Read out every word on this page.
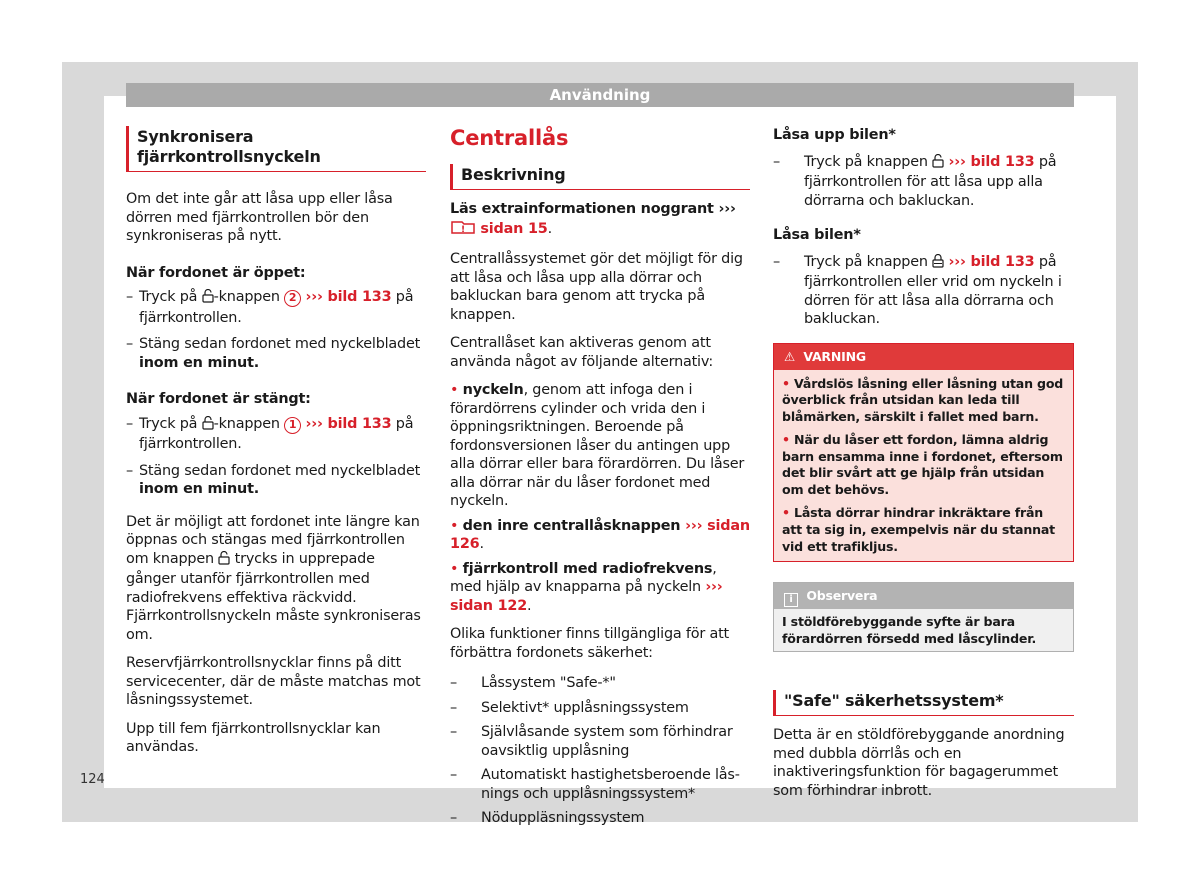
Användning
Synkronisera fjärrkontrollsnyckeln

Om det inte går att låsa upp eller låsa dörren med fjärrkontrollen bör den synkroniseras på nytt.

När fordonet är öppet:
– Tryck på -knappen 2 ››› bild 133 på fjärrkontrollen.
– Stäng sedan fordonet med nyckelbladet inom en minut.
När fordonet är stängt:
– Tryck på -knappen 1 ››› bild 133 på fjärrkontrollen.
– Stäng sedan fordonet med nyckelbladet inom en minut.

Det är möjligt att fordonet inte längre kan öppnas och stängas med fjärrkontrollen om knappen  trycks in upprepade gånger utanför fjärrkontrollen med radiofrekvens effektiva räckvidd. Fjärrkontrollsnyckeln måste synkroniseras om.

Reservfjärrkontrollsnycklar finns på ditt servicecenter, där de måste matchas mot låsningssystemet.

Upp till fem fjärrkontrollsnycklar kan användas.

Centrallås
Beskrivning

Läs extrainformationen noggrant ›››
! sidan 15.

Centrallåssystemet gör det möjligt för dig att låsa och låsa upp alla dörrar och bakluckan bara genom att trycka på knappen.

Centrallåset kan aktiveras genom att använda något av följande alternativ:

• nyckeln, genom att infoga den i förardörrens cylinder och vrida den i öppningsriktningen. Beroende på fordonsversionen låser du antingen upp alla dörrar eller bara förardörren. Du låser alla dörrar när du låser fordonet med nyckeln.

• den inre centrallåsknappen ››› sidan 126.

• fjärrkontroll med radiofrekvens, med hjälp av knapparna på nyckeln ››› sidan 122.

Olika funktioner finns tillgängliga för att förbättra fordonets säkerhet:

– Låssystem "Safe-*"
– Selektivt* upplåsningssystem
– Självlåsande system som förhindrar oavsiktlig upplåsning
– Automatiskt hastighetsberoende låsnings och upplåsningssystem*
– Nöduppläsningssystem
Låsa upp bilen*
– Tryck på knappen  ››› bild 133 på fjärrkontrollen för att låsa upp alla dörrarna och bakluckan.
Låsa bilen*
– Tryck på knappen  ››› bild 133 på fjärrkontrollen eller vrid om nyckeln i dörren för att låsa alla dörrarna och bakluckan.
⚠ VARNING
• Vårdslös låsning eller låsning utan god överblick från utsidan kan leda till blåmärken, särskilt i fallet med barn.
• När du låser ett fordon, lämna aldrig barn ensamma inne i fordonet, eftersom det blir svårt att ge hjälp från utsidan om det behövs.
• Låsta dörrar hindrar inkräktare från att ta sig in, exempelvis när du stannat vid ett trafikljus.
i Observera
I stöldförebyggande syfte är bara förardörren försedd med låscylinder.
"Safe" säkerhetssystem*

Detta är en stöldförebyggande anordning med dubbla dörrlås och en inaktiveringsfunktion för bagagerummet som förhindrar inbrott.

124
